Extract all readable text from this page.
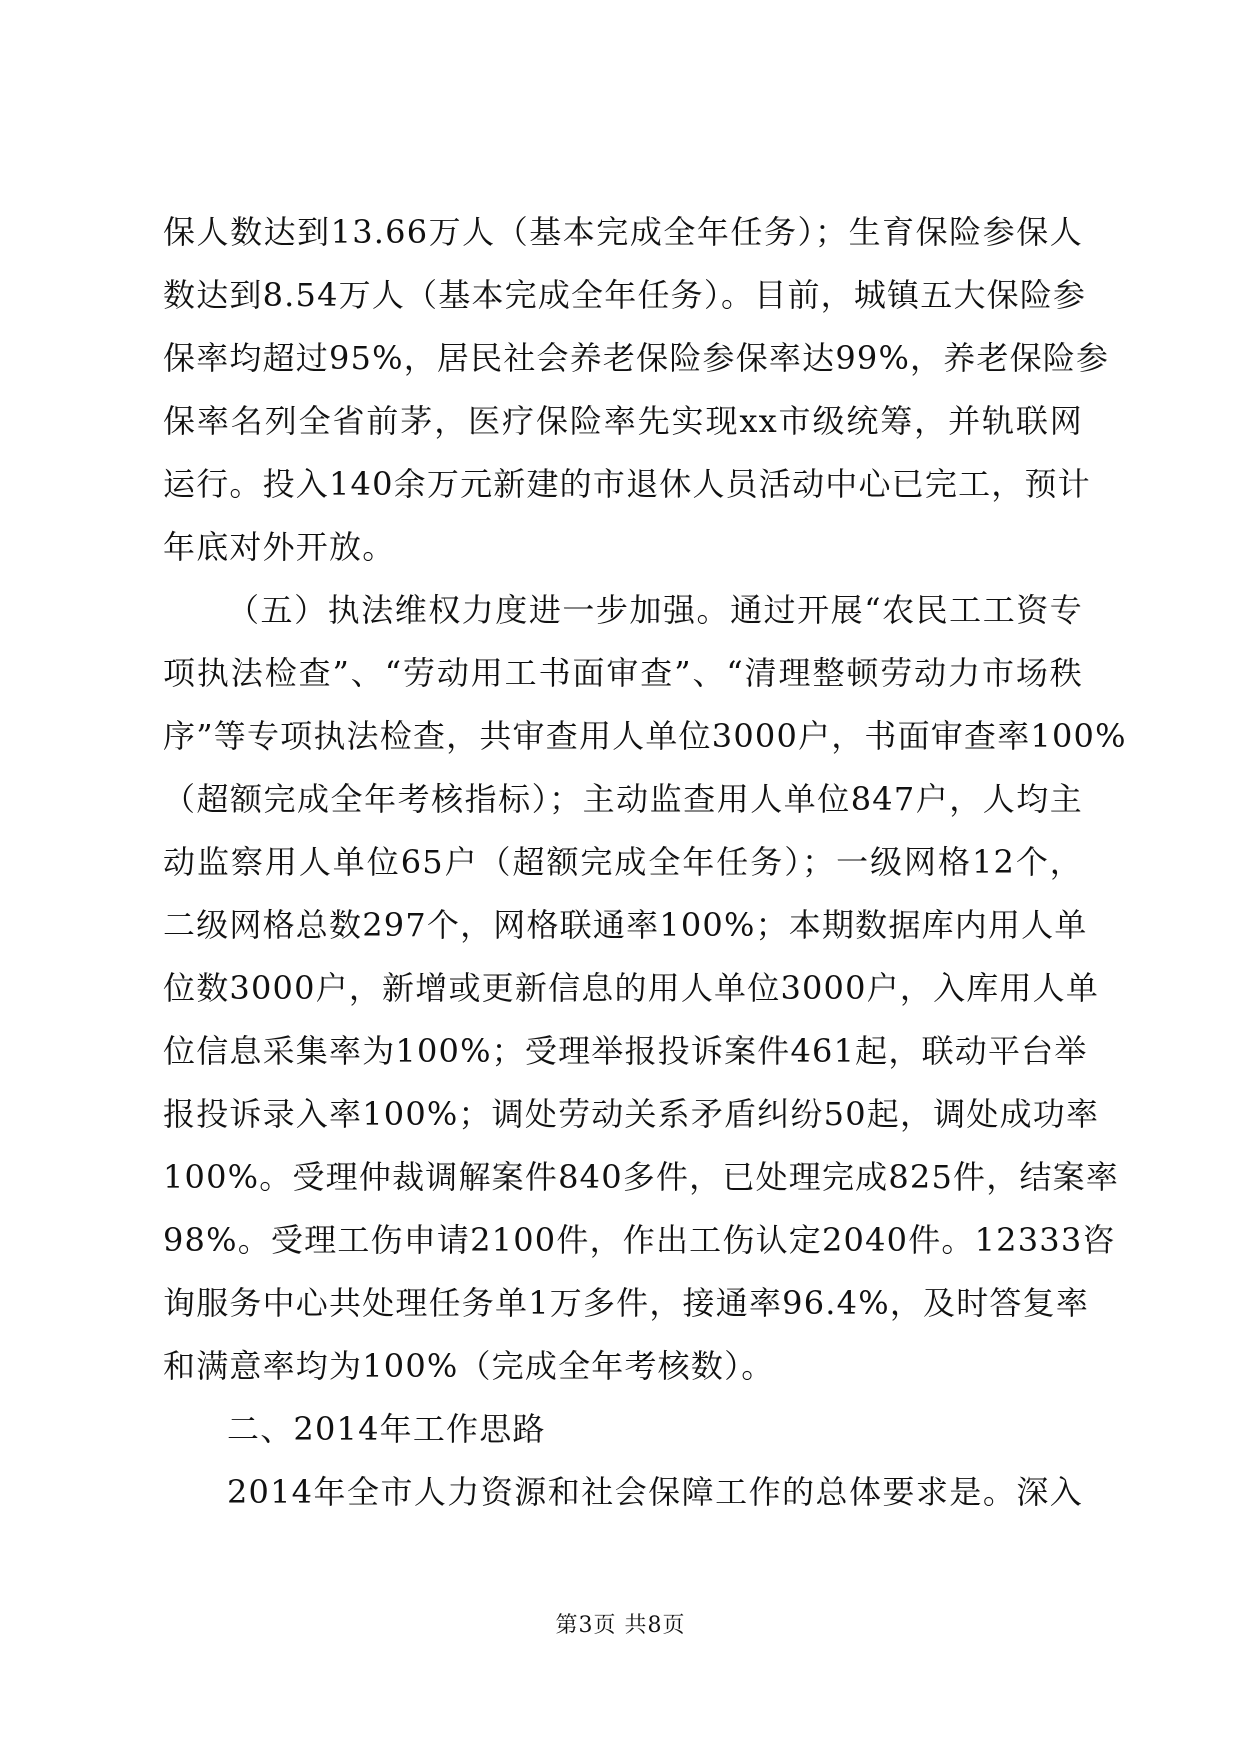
保人数达到13.66万人（基本完成全年任务）；生育保险参保人
数达到8.54万人（基本完成全年任务）。目前，城镇五大保险参
保率均超过95%，居民社会养老保险参保率达99%，养老保险参
保率名列全省前茅，医疗保险率先实现xx市级统筹，并轨联网
运行。投入140余万元新建的市退休人员活动中心已完工，预计
年底对外开放。
（五）执法维权力度进一步加强。通过开展“农民工工资专
项执法检查”、“劳动用工书面审查”、“清理整顿劳动力市场秩
序”等专项执法检查，共审查用人单位3000户，书面审查率100%
（超额完成全年考核指标）；主动监查用人单位847户，人均主
动监察用人单位65户（超额完成全年任务）；一级网格12个，
二级网格总数297个，网格联通率100%；本期数据库内用人单
位数3000户，新增或更新信息的用人单位3000户，入库用人单
位信息采集率为100%；受理举报投诉案件461起，联动平台举
报投诉录入率100%；调处劳动关系矛盾纠纷50起，调处成功率
100%。受理仲裁调解案件840多件，已处理完成825件，结案率
98%。受理工伤申请2100件，作出工伤认定2040件。12333咨
询服务中心共处理任务单1万多件，接通率96.4%，及时答复率
和满意率均为100%（完成全年考核数）。
二、2014年工作思路
2014年全市人力资源和社会保障工作的总体要求是。深入
第3页 共8页
